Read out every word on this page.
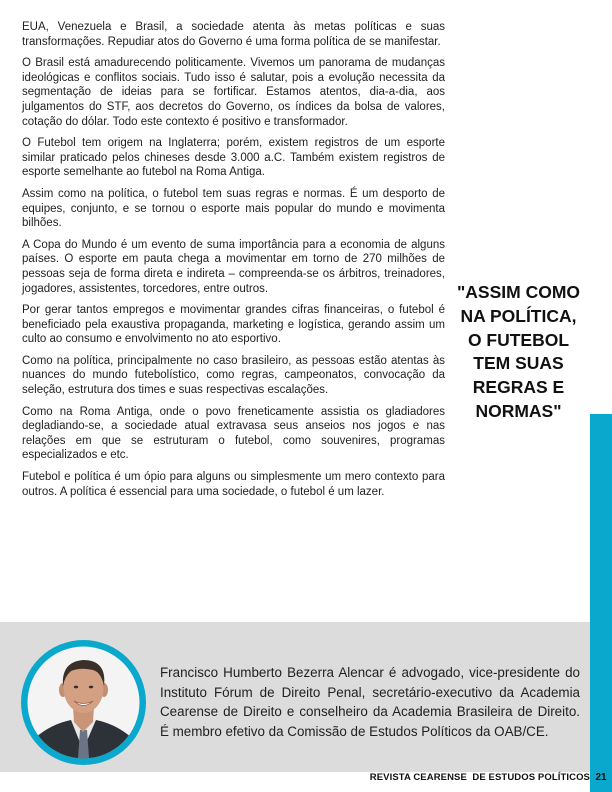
EUA, Venezuela e Brasil, a sociedade atenta às metas políticas e suas transformações. Repudiar atos do Governo é uma forma política de se manifestar.

O Brasil está amadurecendo politicamente. Vivemos um panorama de mudanças ideológicas e conflitos sociais. Tudo isso é salutar, pois a evolução necessita da segmentação de ideias para se fortificar. Estamos atentos, dia-a-dia, aos julgamentos do STF, aos decretos do Governo, os índices da bolsa de valores, cotação do dólar. Todo este contexto é positivo e transformador.

O Futebol tem origem na Inglaterra; porém, existem registros de um esporte similar praticado pelos chineses desde 3.000 a.C. Também existem registros de esporte semelhante ao futebol na Roma Antiga.

Assim como na política, o futebol tem suas regras e normas. É um desporto de equipes, conjunto, e se tornou o esporte mais popular do mundo e movimenta bilhões.

A Copa do Mundo é um evento de suma importância para a economia de alguns países. O esporte em pauta chega a movimentar em torno de 270 milhões de pessoas seja de forma direta e indireta – compreenda-se os árbitros, treinadores, jogadores, assistentes, torcedores, entre outros.

Por gerar tantos empregos e movimentar grandes cifras financeiras, o futebol é beneficiado pela exaustiva propaganda, marketing e logística, gerando assim um culto ao consumo e envolvimento no ato esportivo.

Como na política, principalmente no caso brasileiro, as pessoas estão atentas às nuances do mundo futebolístico, como regras, campeonatos, convocação da seleção, estrutura dos times e suas respectivas escalações.

Como na Roma Antiga, onde o povo freneticamente assistia os gladiadores degladiando-se, a sociedade atual extravasa seus anseios nos jogos e nas relações em que se estruturam o futebol, como souvenires, programas especializados e etc.

Futebol e política é um ópio para alguns ou simplesmente um mero contexto para outros. A política é essencial para uma sociedade, o futebol é um lazer.

"ASSIM COMO NA POLÍTICA, O FUTEBOL TEM SUAS REGRAS E NORMAS"
Francisco Humberto Bezerra Alencar é advogado, vice-presidente do Instituto Fórum de Direito Penal, secretário-executivo da Academia Cearense de Direito e conselheiro da Academia Brasileira de Direito. É membro efetivo da Comissão de Estudos Políticos da OAB/CE.
REVISTA CEARENSE  DE ESTUDOS POLÍTICOS 21
